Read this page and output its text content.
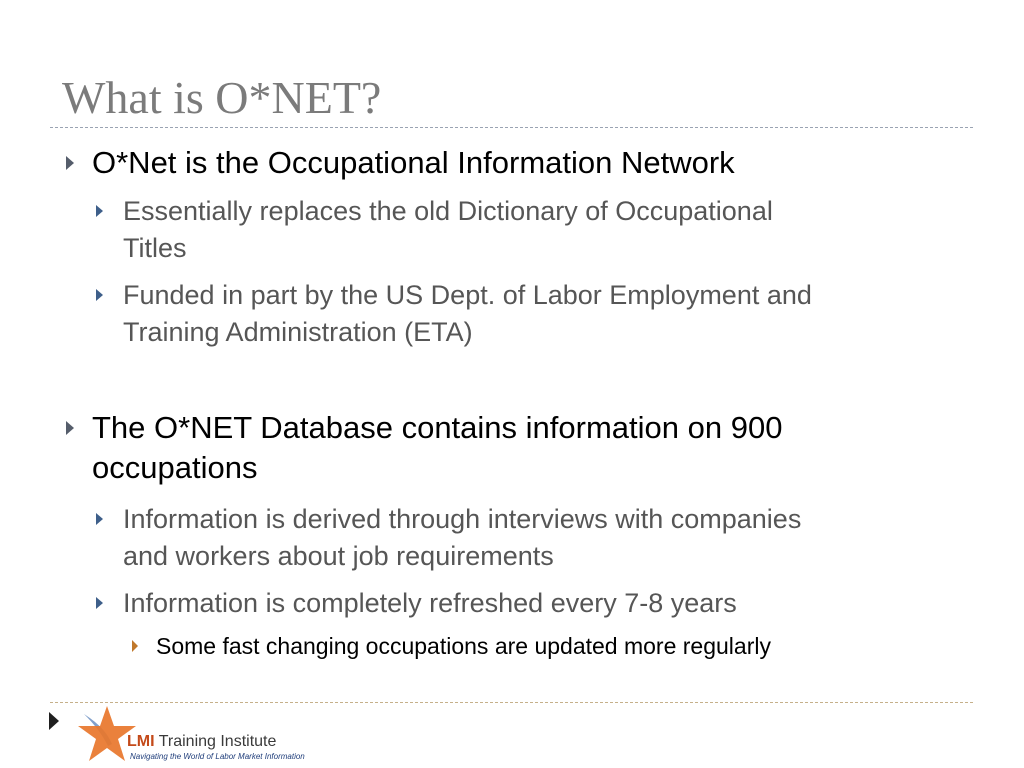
What is O*NET?

O*Net is the Occupational Information Network

Essentially replaces the old Dictionary of Occupational
Titles

Funded in part by the US Dept. of Labor Employment and
Training Administration (ETA)

The O*NET Database contains information on 900
occupations

Information is derived through interviews with companies
and workers about job requirements

Information is completely refreshed every 7-8 years

Some fast changing occupations are updated more regularly

LMI Training Institute
Navigating the World of Labor Market Information
